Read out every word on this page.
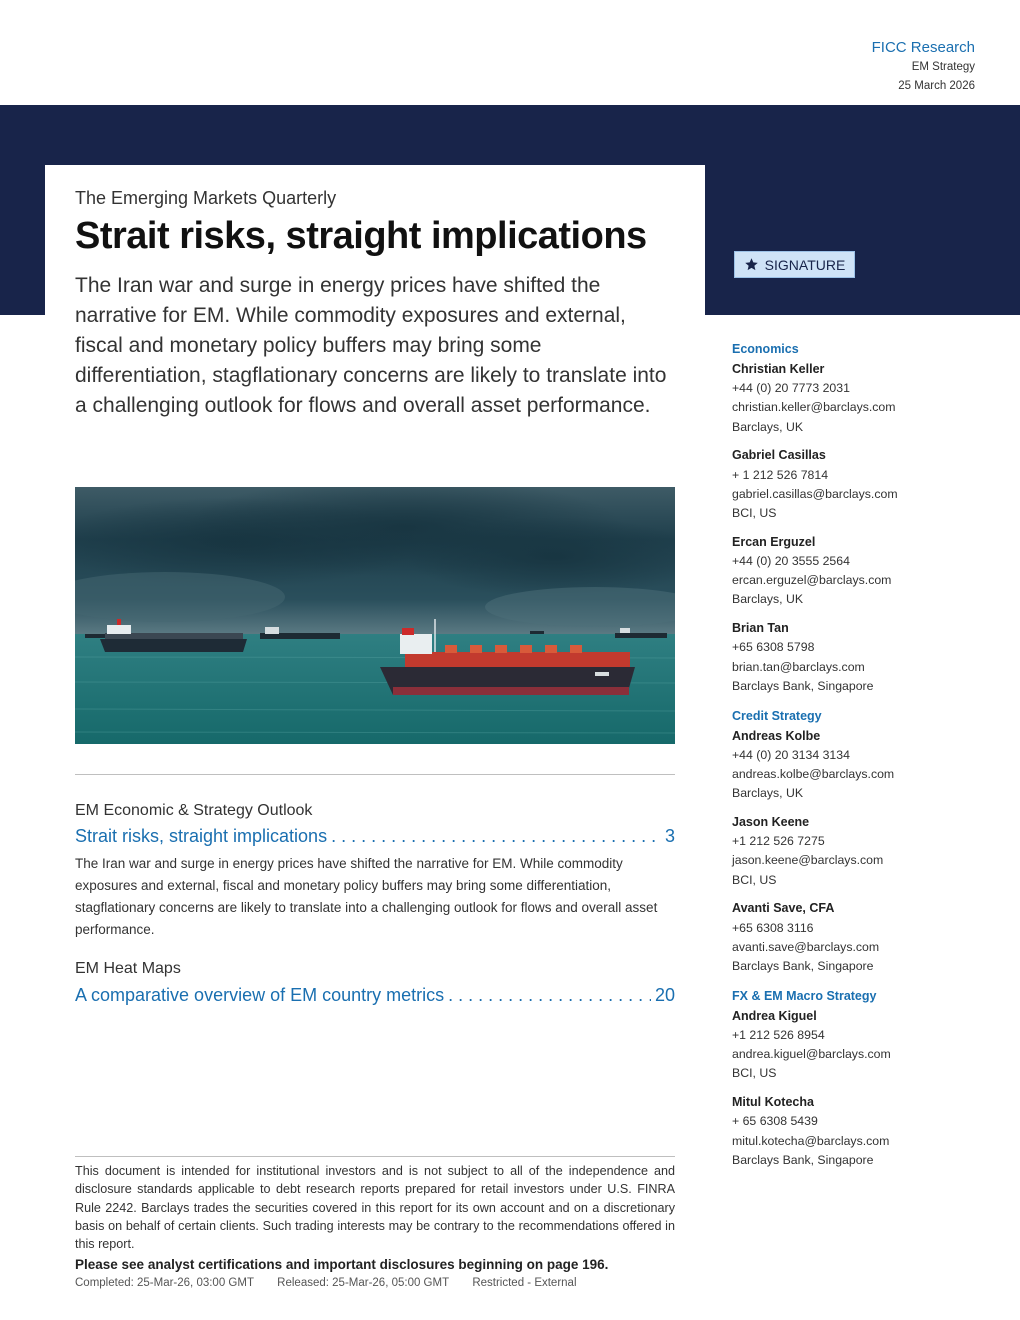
FICC Research
EM Strategy
25 March 2026
The Emerging Markets Quarterly
Strait risks, straight implications
The Iran war and surge in energy prices have shifted the narrative for EM. While commodity exposures and external, fiscal and monetary policy buffers may bring some differentiation, stagflationary concerns are likely to translate into a challenging outlook for flows and overall asset performance.
SIGNATURE
EM Economic & Strategy Outlook
Strait risks, straight implications . . .	3
The Iran war and surge in energy prices have shifted the narrative for EM. While commodity exposures and external, fiscal and monetary policy buffers may bring some differentiation, stagflationary concerns are likely to translate into a challenging outlook for flows and overall asset performance.
EM Heat Maps
A comparative overview of EM country metrics . . .	20
This document is intended for institutional investors and is not subject to all of the independence and disclosure standards applicable to debt research reports prepared for retail investors under U.S. FINRA Rule 2242. Barclays trades the securities covered in this report for its own account and on a discretionary basis on behalf of certain clients. Such trading interests may be contrary to the recommendations offered in this report.
Please see analyst certifications and important disclosures beginning on page 196.
Completed: 25-Mar-26, 03:00 GMT Released: 25-Mar-26, 05:00 GMT Restricted - External
Economics
Christian Keller
+44 (0) 20 7773 2031
christian.keller@barclays.com
Barclays, UK
Gabriel Casillas
+ 1 212 526 7814
gabriel.casillas@barclays.com
BCI, US
Ercan Erguzel
+44 (0) 20 3555 2564
ercan.erguzel@barclays.com
Barclays, UK
Brian Tan
+65 6308 5798
brian.tan@barclays.com
Barclays Bank, Singapore
Credit Strategy
Andreas Kolbe
+44 (0) 20 3134 3134
andreas.kolbe@barclays.com
Barclays, UK
Jason Keene
+1 212 526 7275
jason.keene@barclays.com
BCI, US
Avanti Save, CFA
+65 6308 3116
avanti.save@barclays.com
Barclays Bank, Singapore
FX & EM Macro Strategy
Andrea Kiguel
+1 212 526 8954
andrea.kiguel@barclays.com
BCI, US
Mitul Kotecha
+ 65 6308 5439
mitul.kotecha@barclays.com
Barclays Bank, Singapore
